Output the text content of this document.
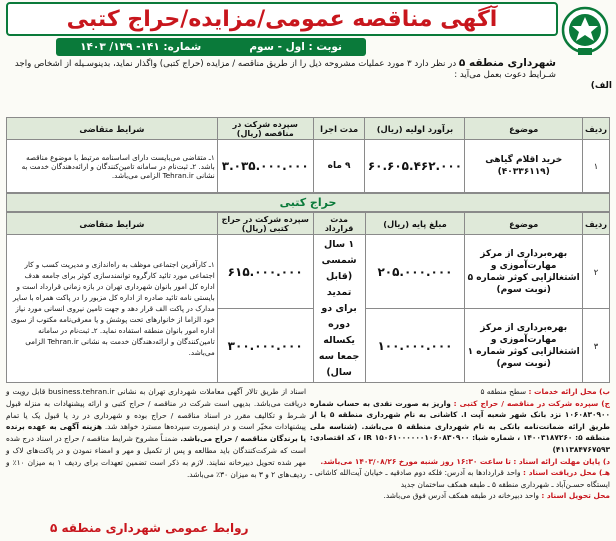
آگهی مناقصه عمومی/مزایده/حراج کتبی
نوبت : اول - سوم
شماره: ۱۴۱- ۱۳۹/ ۱۴۰۳
شهرداری منطقه ۵ در نظر دارد ۳ مورد عملیات مشروحه ذیل را از طریق مناقصه / مزایده (حراج کتبی) واگذار نماید، بدینوسـیله از اشخاص واجد شـرایط دعوت بعمل می‌آید :
الف)
ردیف	موضوع	برآورد اولیه (ریال)	مدت اجرا	سپرده شرکت در مناقصه (ریال)	شرایط متقاضی
۱	خرید اقلام گیاهی (۴۰۳۳۶۱۱۹)	۶۰.۶۰۵.۴۶۲.۰۰۰	۹ ماه	۳.۰۳۵.۰۰۰.۰۰۰	۱ـ متقاضی می‌بایست دارای اساسنامه مرتبط با موضوع مناقصه باشد. ۲ـ ثبت‌نام در سامانه تامین‌کنندگان و ارائه‌دهندگان خدمت به نشانی Tehran.ir الزامی می‌باشد.
حراج کتبی
ردیف	موضوع	مبلغ پایه (ریال)	مدت قرارداد	سپرده شرکت در حراج کتبی (ریال)	شرایط متقاضی
۲	بهره‌برداری از مرکز مهارت‌آموزی و اشتغالزایی کوثر شماره ۵ (نوبت سوم)	۲۰۵.۰۰۰.۰۰۰	۱ سال شمسی (قابل تمدید برای دو دوره یکساله جمعا سه سال)	۶۱۵.۰۰۰.۰۰۰	۱ـ کارآفرین اجتماعی موظف به راه‌اندازی و مدیریت کسب و کار اجتماعی مورد تائید کارگروه توانمندسازی کوثر برای جامعه هدف اداره کل امور بانوان شهرداری تهران در بازه زمانی قرارداد است و بایستی نامه تائید صادره از اداره کل مزبور را در پاکت همراه با سایر مدارک در پاکت الف قرار دهد و جهت تامین نیروی انسانی مورد نیاز خود الزاما از خانوارهای تحت پوشش و یا معرفی‌نامه مکتوب از سوی اداره امور بانوان منطقه استفاده نماید. ۲ـ ثبت‌نام در سامانه تامین‌کنندگان و ارائه‌دهندگان خدمت به نشانی Tehran.ir الزامی می‌باشد.
۳	بهره‌برداری از مرکز مهارت‌آموزی و اشتغالزایی کوثر شماره ۱ (نوبت سوم)	۱۰۰.۰۰۰.۰۰۰		۳۰۰.۰۰۰.۰۰۰	
ب) محل ارائه خدمات : سطح منطقه ۵
ج) سپرده شرکت در مناقصه / حراج کتبی : واریز به صورت نقدی به حساب شماره ۱۰۶۰۸۳۰۹۰۰ نزد بانک شهر شعبه آپت I. کاشانی به نام شهرداری منطقه ۵ یا از طریق ارائه ضمانت‌نامه بانکی به نام شهرداری منطقه ۵ می‌باشد. (شناسه ملی منطقه ۵: ۱۴۰۰۳۱۸۷۲۶۰ ، شماره شبا: IR ۱۵۰۶۱۰۰۰۰۰۰۱۰۶۰۸۳۰۹۰۰ ، کد اقتصادی: ۴۱۱۳۸۴۷۶۷۵۹۳)
د) پایان مهلت ارائه اسناد : تا ساعت ۱۶:۳۰ روز شنبه مورخ ۱۴۰۳/۰۸/۲۶ می‌باشد.
هـ) محل دریافت اسناد : واحد قراردادها به آدرس: فلکه دوم صادقیه ـ خیابان آیت‌الله کاشانی ـ ایستگاه حسـن‌آباد ـ شهرداری منطقه ۵ ـ طبقه همکف ساختمان جدید
محل تحویل اسناد : واحد دبیرخانه در طبقه همکف آدرس فوق می‌باشد.
اسناد از طریق تالار آگهی معاملات شهرداری تهران به نشانی business.tehran.ir قابل رویت و دریافت می‌باشد. بدیهی است شرکت در مناقصه / حراج کتبی و ارائه پیشنهادات به منزله قبول شـرط و تکالیف مقرر در اسناد مناقصه / حراج بوده و شهرداری در رد یا قبول یک یا تمام پیشنهادات مخیّر است و در اینصورت سپرده‌ها مسترد خواهد شد. هزینه آگهی به عهده برنده یا برندگان مناقصه / حراج می‌باشد. ضمنـاً مشروح شرایط مناقصه / حراج در اسناد درج شده است که شرکت‌کنندگان باید مطالعه و پس از تکمیل و مهر و امضاء نمودن و در پاکت‌های لاک و مهر شده تحویل دبیرخانه نمایند. لازم به ذکر است تضمین تعهدات برای ردیف ۱ به میزان ۱۰٪ و ردیف‌های ۲ و ۳ به میزان ۳۰٪ می‌باشد.
روابط عمومی شهرداری منطقه ۵
